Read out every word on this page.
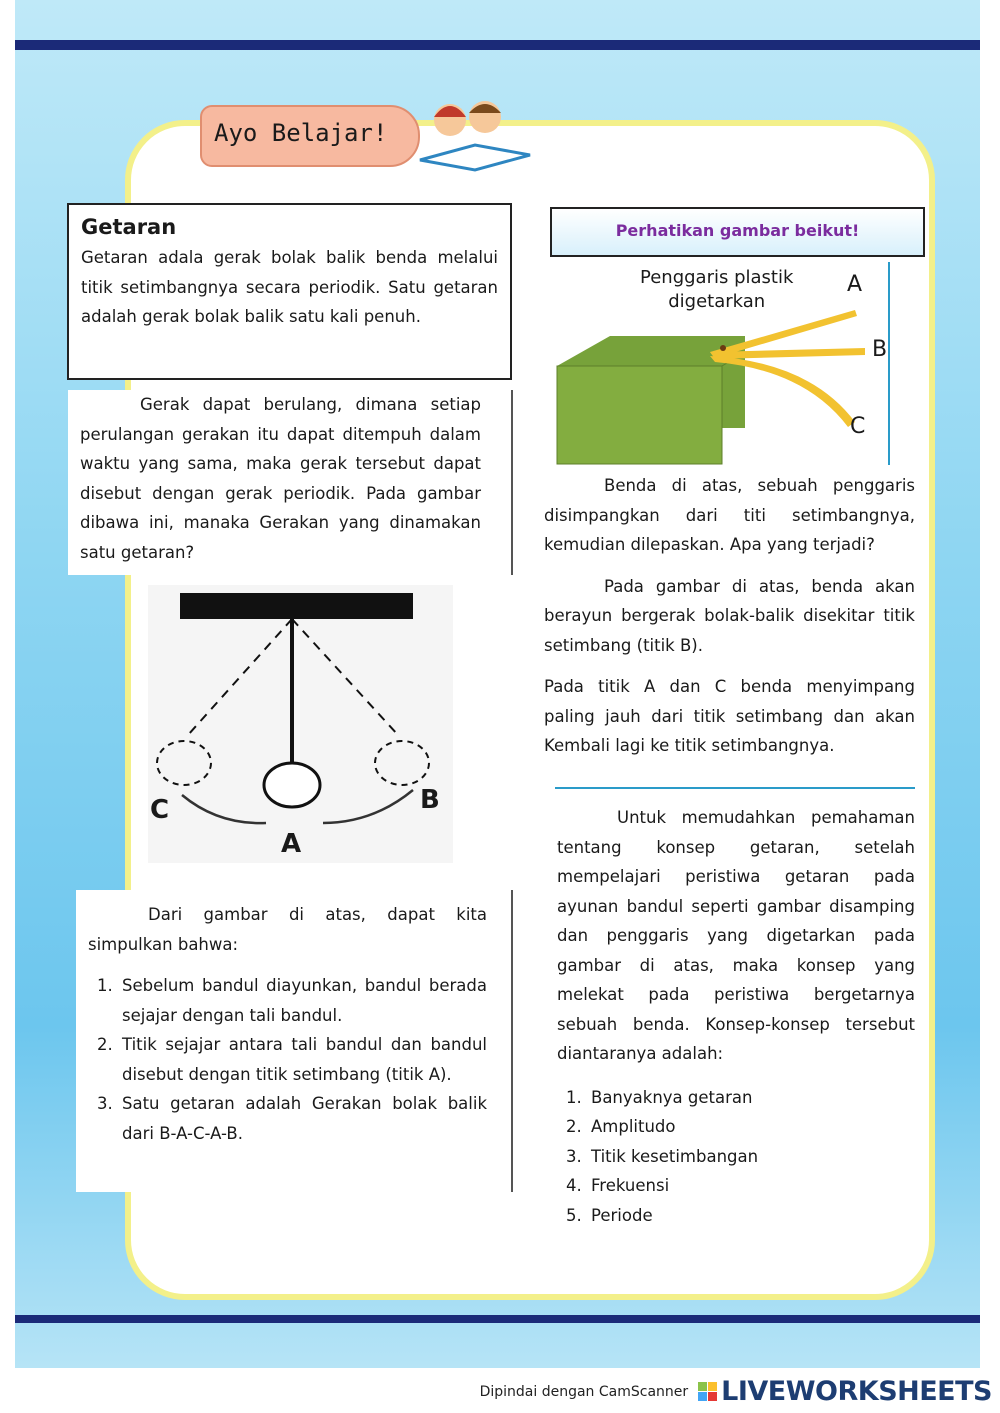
Ayo Belajar!
Getaran
Getaran adala gerak bolak balik benda melalui titik setimbangnya secara periodik. Satu getaran adalah gerak bolak balik satu kali penuh.
Gerak dapat berulang, dimana setiap perulangan gerakan itu dapat ditempuh dalam waktu yang sama, maka gerak tersebut dapat disebut dengan gerak periodik. Pada gambar dibawa ini, manaka Gerakan yang dinamakan satu getaran?
C
A
B
Dari gambar di atas, dapat kita simpulkan bahwa:
1. Sebelum bandul diayunkan, bandul berada sejajar dengan tali bandul.
2. Titik sejajar antara tali bandul dan bandul disebut dengan titik setimbang (titik A).
3. Satu getaran adalah Gerakan bolak balik dari B-A-C-A-B.
Perhatikan gambar beikut!
Penggaris plastik
digetarkan
A
B
C
Benda di atas, sebuah penggaris disimpangkan dari titi setimbangnya, kemudian dilepaskan. Apa yang terjadi?
Pada gambar di atas, benda akan berayun bergerak bolak-balik disekitar titik setimbang (titik B).
Pada titik A dan C benda menyimpang paling jauh dari titik setimbang dan akan Kembali lagi ke titik setimbangnya.
Untuk memudahkan pemahaman tentang konsep getaran, setelah mempelajari peristiwa getaran pada ayunan bandul seperti gambar disamping dan penggaris yang digetarkan pada gambar di atas, maka konsep yang melekat pada peristiwa bergetarnya sebuah benda. Konsep-konsep tersebut diantaranya adalah:
1. Banyaknya getaran
2. Amplitudo
3. Titik kesetimbangan
4. Frekuensi
5. Periode
Dipindai dengan CamScanner LIVEWORKSHEETS
